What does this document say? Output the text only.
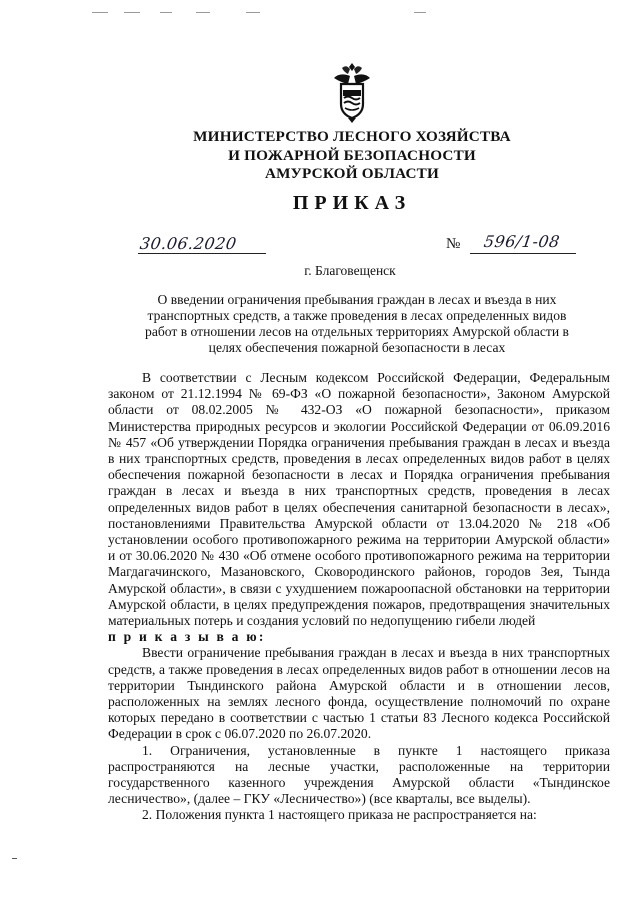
МИНИСТЕРСТВО ЛЕСНОГО ХОЗЯЙСТВА
И ПОЖАРНОЙ БЕЗОПАСНОСТИ
АМУРСКОЙ ОБЛАСТИ
ПРИКАЗ
30.06.2020	№ 596/1-08
г. Благовещенск
О введении ограничения пребывания граждан в лесах и въезда в них транспортных средств, а также проведения в лесах определенных видов работ в отношении лесов на отдельных территориях Амурской области в целях обеспечения пожарной безопасности в лесах

В соответствии с Лесным кодексом Российской Федерации, Федеральным законом от 21.12.1994 № 69-ФЗ «О пожарной безопасности», Законом Амурской области от 08.02.2005 № 432-ОЗ «О пожарной безопасности», приказом Министерства природных ресурсов и экологии Российской Федерации от 06.09.2016 № 457 «Об утверждении Порядка ограничения пребывания граждан в лесах и въезда в них транспортных средств, проведения в лесах определенных видов работ в целях обеспечения пожарной безопасности в лесах и Порядка ограничения пребывания граждан в лесах и въезда в них транспортных средств, проведения в лесах определенных видов работ в целях обеспечения санитарной безопасности в лесах», постановлениями Правительства Амурской области от 13.04.2020 № 218 «Об установлении особого противопожарного режима на территории Амурской области» и от 30.06.2020 № 430 «Об отмене особого противопожарного режима на территории Магдагачинского, Мазановского, Сковородинского районов, городов Зея, Тында Амурской области», в связи с ухудшением пожароопасной обстановки на территории Амурской области, в целях предупреждения пожаров, предотвращения значительных материальных потерь и создания условий по недопущению гибели людей

п р и к а з ы в а ю:

Ввести ограничение пребывания граждан в лесах и въезда в них транспортных средств, а также проведения в лесах определенных видов работ в отношении лесов на территории Тындинского района Амурской области и в отношении лесов, расположенных на землях лесного фонда, осуществление полномочий по охране которых передано в соответствии с частью 1 статьи 83 Лесного кодекса Российской Федерации в срок с 06.07.2020 по 26.07.2020.

1. Ограничения, установленные в пункте 1 настоящего приказа распространяются на лесные участки, расположенные на территории государственного казенного учреждения Амурской области «Тындинское лесничество», (далее – ГКУ «Лесничество») (все кварталы, все выделы).

2. Положения пункта 1 настоящего приказа не распространяется на:
